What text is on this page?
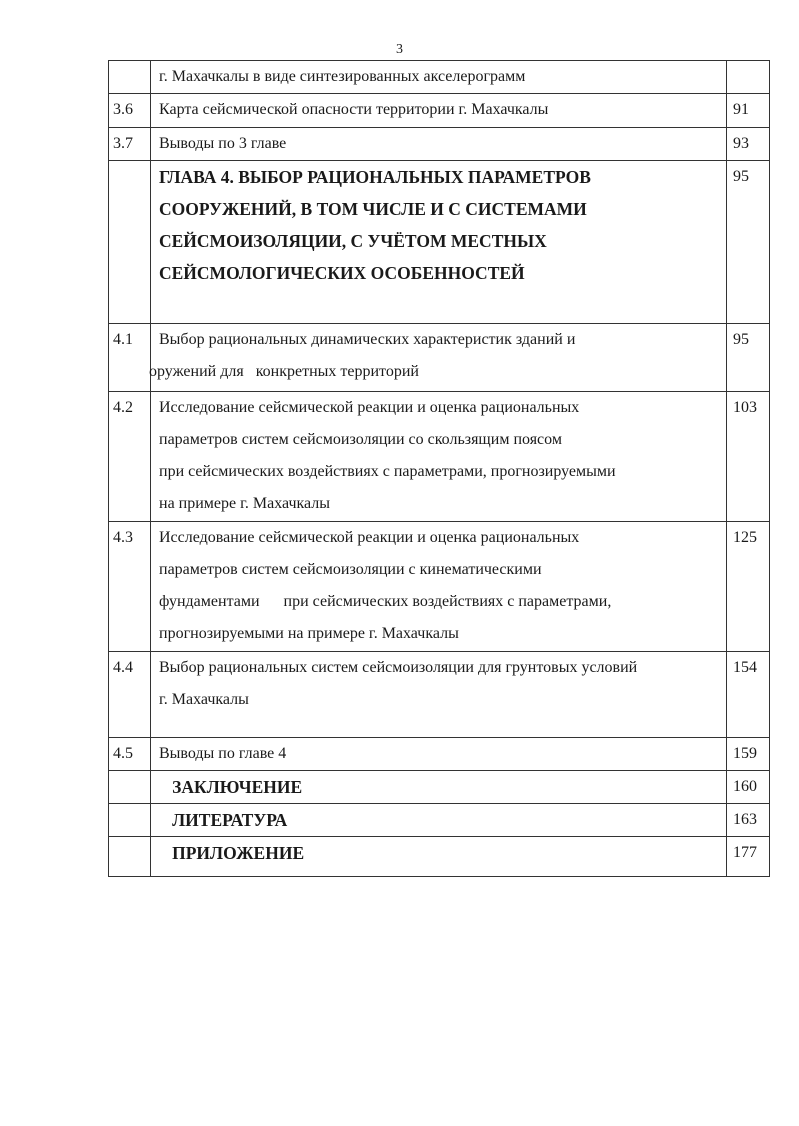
3

	г. Махачкалы в виде синтезированных акселерограмм	

3.6	Карта сейсмической опасности территории г. Махачкалы	91
3.7	Выводы по 3 главе	93

	ГЛАВА 4. ВЫБОР РАЦИОНАЛЬНЫХ ПАРАМЕТРОВ
СООРУЖЕНИЙ, В ТОМ ЧИСЛЕ И С СИСТЕМАМИ
СЕЙСМОИЗОЛЯЦИИ, С УЧЁТОМ МЕСТНЫХ
СЕЙСМОЛОГИЧЕСКИХ ОСОБЕННОСТЕЙ	95
4.1	Выбор рациональных динамических характеристик зданий и
оружений для   конкретных территорий	95
4.2	Исследование сейсмической реакции и оценка рациональных
параметров систем сейсмоизоляции со скользящим поясом
при сейсмических воздействиях с параметрами, прогнозируемыми
на примере г. Махачкалы	103
4.3	Исследование сейсмической реакции и оценка рациональных
параметров систем сейсмоизоляции с кинематическими
фундаментами      при сейсмических воздействиях с параметрами,
прогнозируемыми на примере г. Махачкалы	125
4.4	Выбор рациональных систем сейсмоизоляции для грунтовых условий
г. Махачкалы	154
4.5	Выводы по главе 4	159

	ЗАКЛЮЧЕНИЕ	160

	ЛИТЕРАТУРА	163

	ПРИЛОЖЕНИЕ	177
